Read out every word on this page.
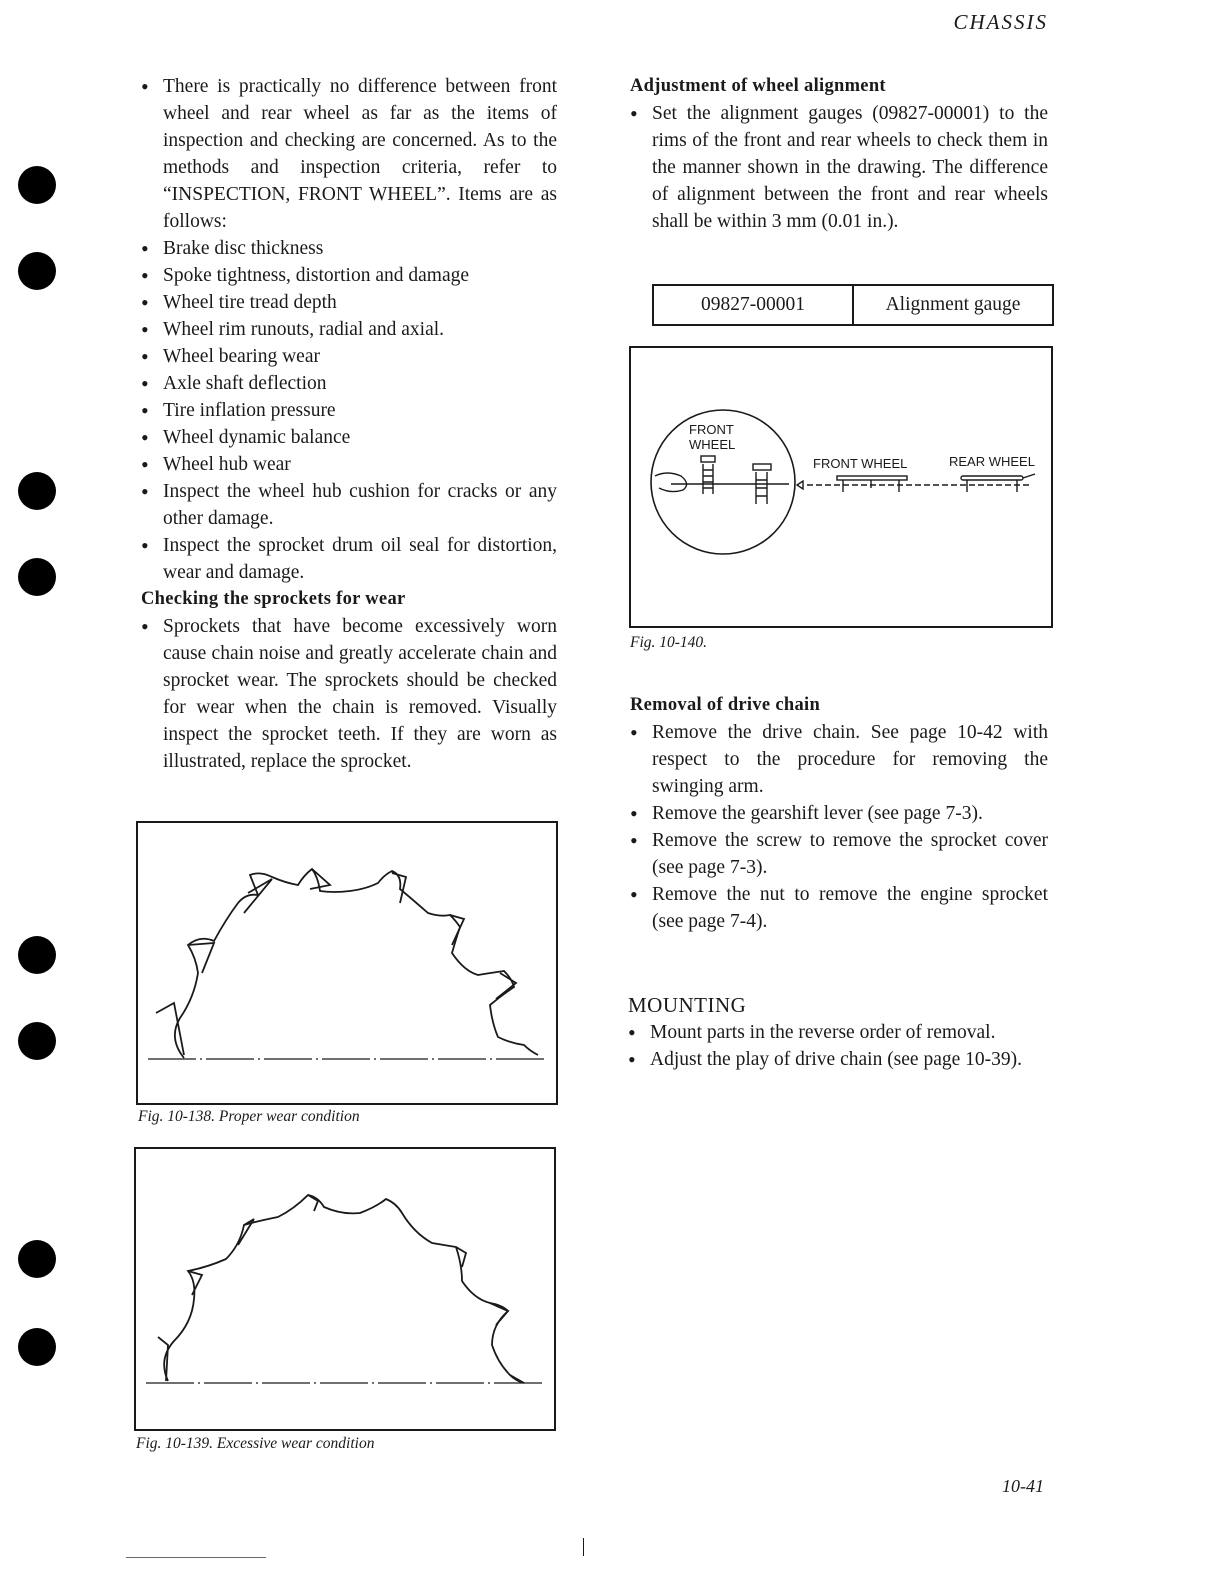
CHASSIS
• There is practically no difference between front wheel and rear wheel as far as the items of inspection and checking are concerned. As to the methods and inspection criteria, refer to “INSPECTION, FRONT WHEEL”. Items are as follows:
• Brake disc thickness
• Spoke tightness, distortion and damage
• Wheel tire tread depth
• Wheel rim runouts, radial and axial.
• Wheel bearing wear
• Axle shaft deflection
• Tire inflation pressure
• Wheel dynamic balance
• Wheel hub wear
• Inspect the wheel hub cushion for cracks or any other damage.
• Inspect the sprocket drum oil seal for distortion, wear and damage.
Checking the sprockets for wear
• Sprockets that have become excessively worn cause chain noise and greatly accelerate chain and sprocket wear. The sprockets should be checked for wear when the chain is removed. Visually inspect the sprocket teeth. If they are worn as illustrated, replace the sprocket.
Fig. 10-138. Proper wear condition
Fig. 10-139. Excessive wear condition
Adjustment of wheel alignment
• Set the alignment gauges (09827-00001) to the rims of the front and rear wheels to check them in the manner shown in the drawing. The difference of alignment between the front and rear wheels shall be within 3 mm (0.01 in.).
09827-00001	Alignment gauge
FRONT
WHEEL
FRONT WHEEL	REAR WHEEL
Fig. 10-140.
Removal of drive chain
• Remove the drive chain. See page 10-42 with respect to the procedure for removing the swinging arm.
• Remove the gearshift lever (see page 7-3).
• Remove the screw to remove the sprocket cover (see page 7-3).
• Remove the nut to remove the engine sprocket (see page 7-4).
MOUNTING
• Mount parts in the reverse order of removal.
• Adjust the play of drive chain (see page 10-39).
10-41
